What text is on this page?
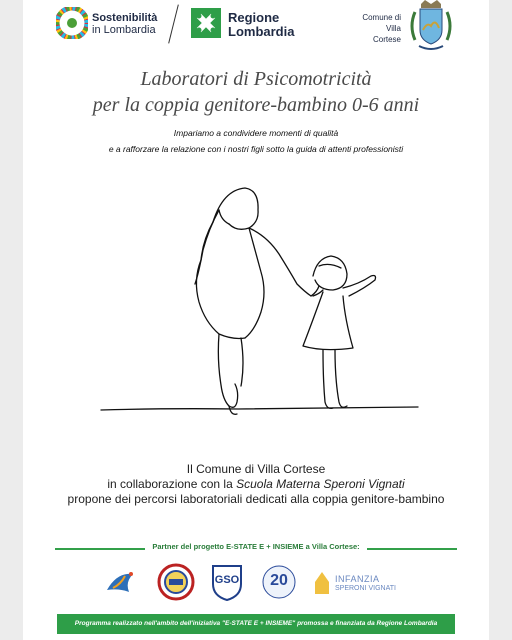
Sostenibilità
in Lombardia
Regione
Lombardia
Comune di
Villa Cortese
Laboratori di Psicomotricità
per la coppia genitore-bambino 0-6 anni
Impariamo a condividere momenti di qualità
e a rafforzare la relazione con i nostri figli sotto la guida di attenti professionisti
Il Comune di Villa Cortese
in collaborazione con la Scuola Materna Speroni Vignati
propone dei percorsi laboratoriali dedicati alla coppia genitore-bambino
Partner del progetto E-STATE E + INSIEME a Villa Cortese:
GSO	20	INFANZIA
SPERONI VIGNATI
Programma realizzato nell'ambito dell'iniziativa "E-STATE E + INSIEME" promossa e finanziata da Regione Lombardia
